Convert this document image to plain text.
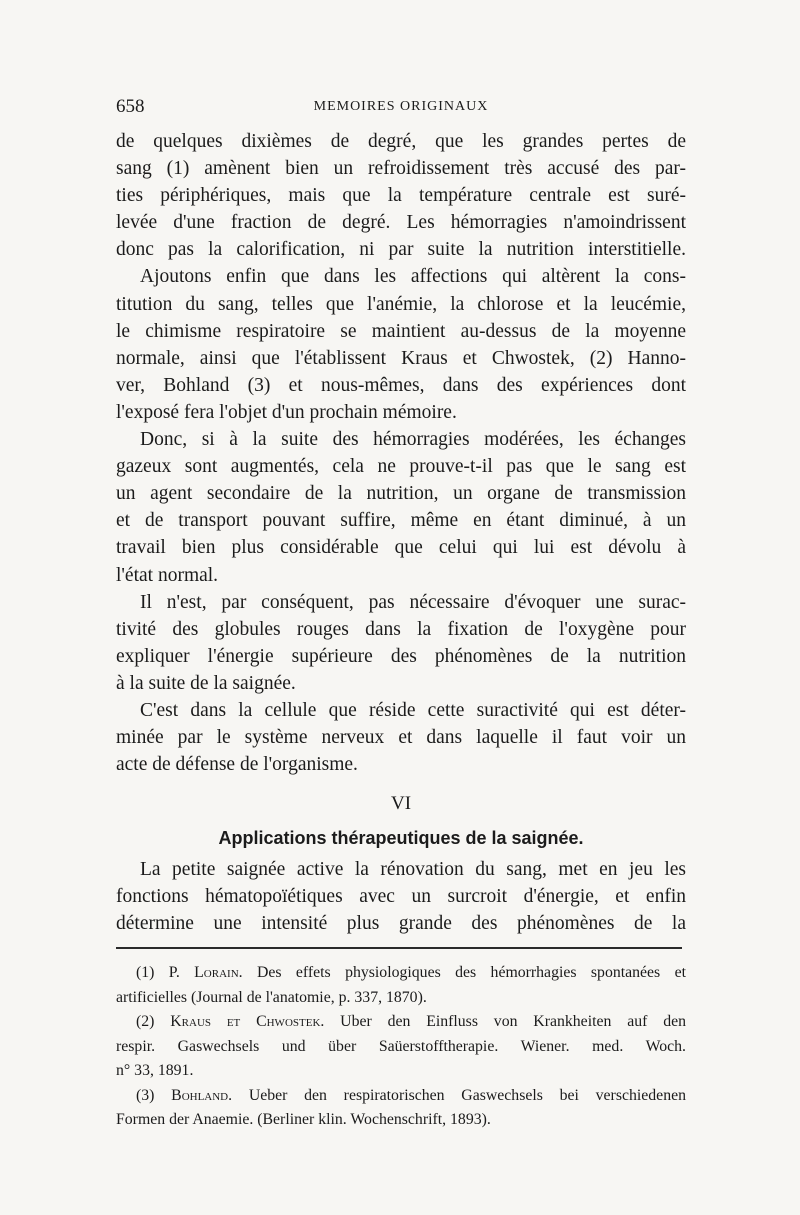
658	MEMOIRES ORIGINAUX
de quelques dixièmes de degré, que les grandes pertes de
sang (1) amènent bien un refroidissement très accusé des par-
ties périphériques, mais que la température centrale est suré-
levée d'une fraction de degré. Les hémorragies n'amoindrissent
donc pas la calorification, ni par suite la nutrition interstitielle.
Ajoutons enfin que dans les affections qui altèrent la cons-
titution du sang, telles que l'anémie, la chlorose et la leucémie,
le chimisme respiratoire se maintient au-dessus de la moyenne
normale, ainsi que l'établissent Kraus et Chwostek, (2) Hanno-
ver, Bohland (3) et nous-mêmes, dans des expériences dont
l'exposé fera l'objet d'un prochain mémoire.
Donc, si à la suite des hémorragies modérées, les échanges
gazeux sont augmentés, cela ne prouve-t-il pas que le sang est
un agent secondaire de la nutrition, un organe de transmission
et de transport pouvant suffire, même en étant diminué, à un
travail bien plus considérable que celui qui lui est dévolu à
l'état normal.
Il n'est, par conséquent, pas nécessaire d'évoquer une surac-
tivité des globules rouges dans la fixation de l'oxygène pour
expliquer l'énergie supérieure des phénomènes de la nutrition
à la suite de la saignée.
C'est dans la cellule que réside cette suractivité qui est déter-
minée par le système nerveux et dans laquelle il faut voir un
acte de défense de l'organisme.
VI
Applications thérapeutiques de la saignée.
La petite saignée active la rénovation du sang, met en jeu les
fonctions hématopoïétiques avec un surcroit d'énergie, et enfin
détermine une intensité plus grande des phénomènes de la
(1) P. Lorain. Des effets physiologiques des hémorrhagies spontanées et
artificielles (Journal de l'anatomie, p. 337, 1870).
(2) Kraus et Chwostek. Uber den Einfluss von Krankheiten auf den
respir. Gaswechsels und über Saüerstofftherapie. Wiener. med. Woch.
n° 33, 1891.
(3) Bohland. Ueber den respiratorischen Gaswechsels bei verschiedenen
Formen der Anaemie. (Berliner klin. Wochenschrift, 1893).
